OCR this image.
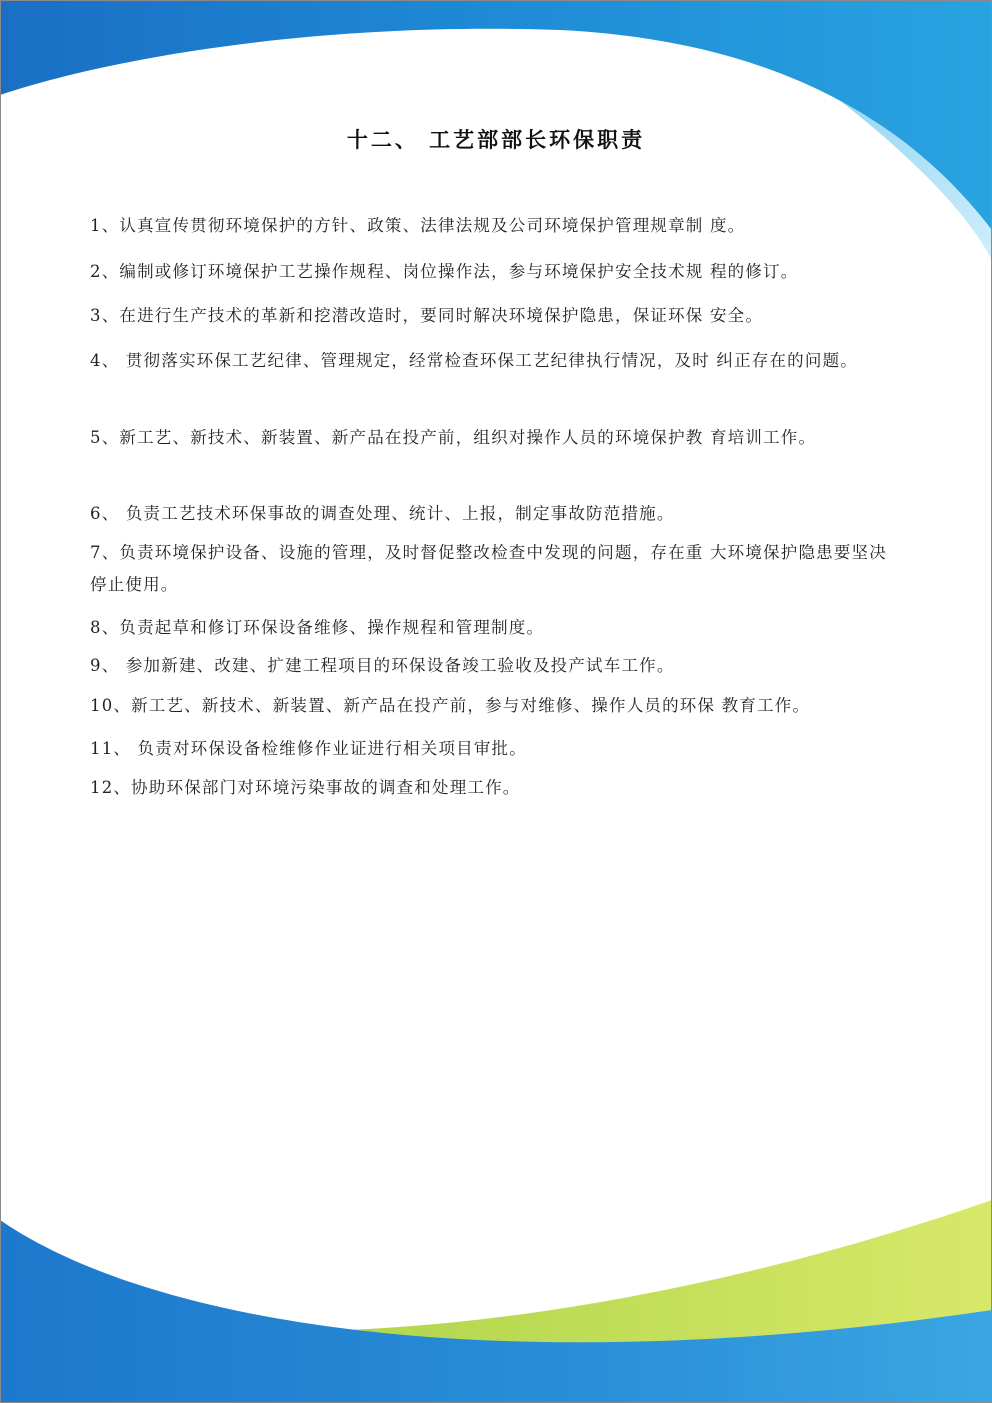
十二、 工艺部部长环保职责
1、认真宣传贯彻环境保护的方针、政策、法律法规及公司环境保护管理规章制 度。
2、编制或修订环境保护工艺操作规程、岗位操作法，参与环境保护安全技术规 程的修订。
3、在进行生产技术的革新和挖潜改造时，要同时解决环境保护隐患，保证环保 安全。
4、 贯彻落实环保工艺纪律、管理规定，经常检查环保工艺纪律执行情况，及时 纠正存在的问题。
5、新工艺、新技术、新装置、新产品在投产前，组织对操作人员的环境保护教 育培训工作。
6、 负责工艺技术环保事故的调查处理、统计、上报，制定事故防范措施。
7、负责环境保护设备、设施的管理，及时督促整改检查中发现的问题，存在重 大环境保护隐患要坚决停止使用。
8、负责起草和修订环保设备维修、操作规程和管理制度。
9、 参加新建、改建、扩建工程项目的环保设备竣工验收及投产试车工作。
10、新工艺、新技术、新装置、新产品在投产前，参与对维修、操作人员的环保 教育工作。
11、 负责对环保设备检维修作业证进行相关项目审批。
12、协助环保部门对环境污染事故的调查和处理工作。
